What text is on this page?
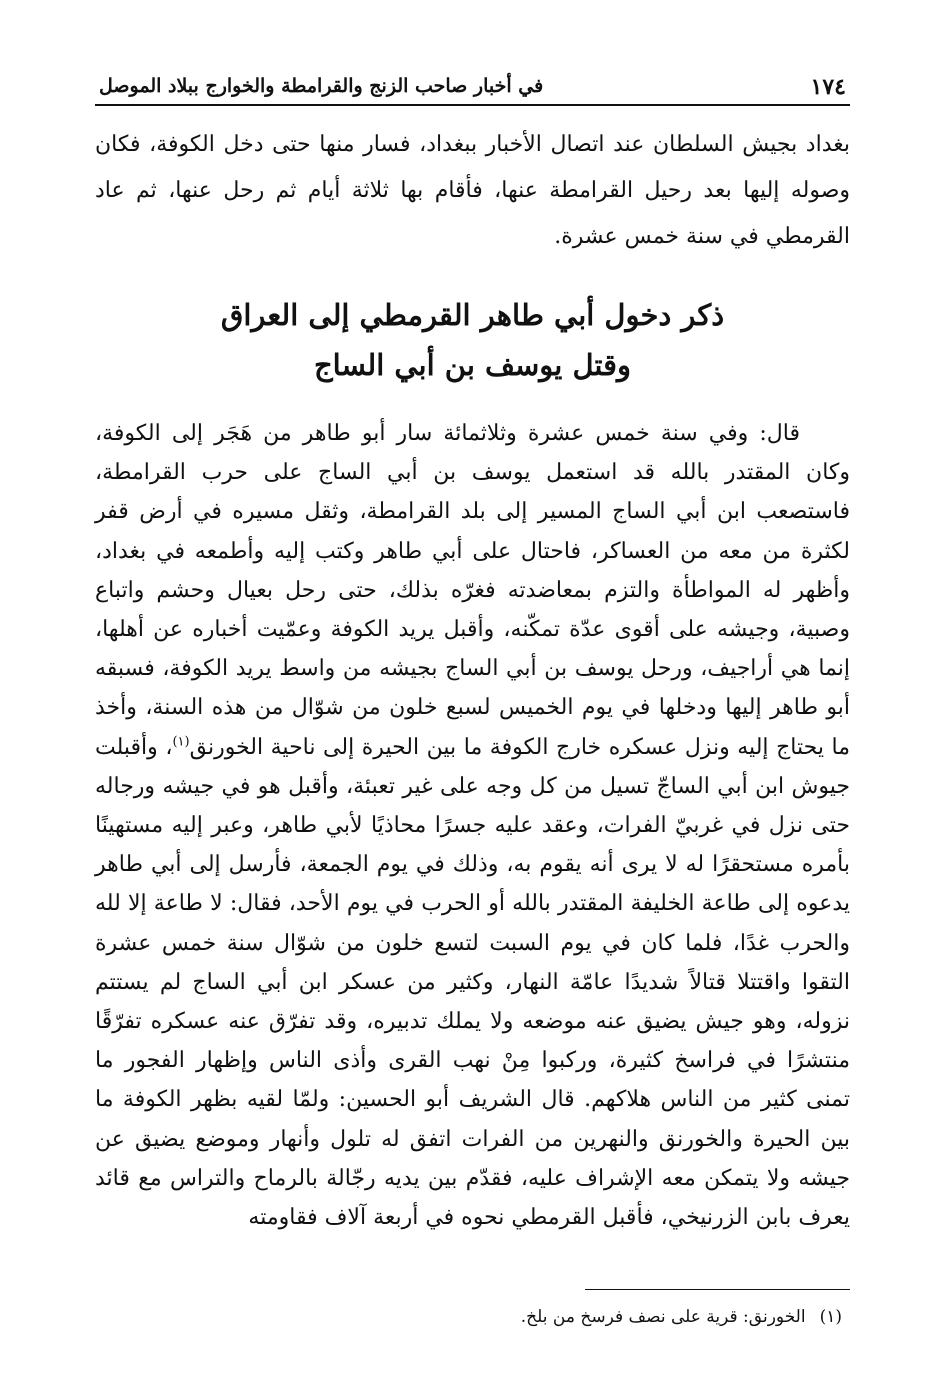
١٧٤
في أخبار صاحب الزنج والقرامطة والخوارج ببلاد الموصل

بغداد بجيش السلطان عند اتصال الأخبار ببغداد، فسار منها حتى دخل الكوفة، فكان وصوله إليها بعد رحيل القرامطة عنها، فأقام بها ثلاثة أيام ثم رحل عنها، ثم عاد القرمطي في سنة خمس عشرة.

ذكر دخول أبي طاهر القرمطي إلى العراق
وقتل يوسف بن أبي الساج

قال: وفي سنة خمس عشرة وثلاثمائة سار أبو طاهر من هَجَر إلى الكوفة، وكان المقتدر بالله قد استعمل يوسف بن أبي الساج على حرب القرامطة، فاستصعب ابن أبي الساج المسير إلى بلد القرامطة، وثقل مسيره في أرض قفر لكثرة من معه من العساكر، فاحتال على أبي طاهر وكتب إليه وأطمعه في بغداد، وأظهر له المواطأة والتزم بمعاضدته فغرّه بذلك، حتى رحل بعيال وحشم واتباع وصبية، وجيشه على أقوى عدّة تمكّنه، وأقبل يريد الكوفة وعمّيت أخباره عن أهلها، إنما هي أراجيف، ورحل يوسف بن أبي الساج بجيشه من واسط يريد الكوفة، فسبقه أبو طاهر إليها ودخلها في يوم الخميس لسبع خلون من شوّال من هذه السنة، وأخذ ما يحتاج إليه ونزل عسكره خارج الكوفة ما بين الحيرة إلى ناحية الخورنق$^{(١)}$، وأقبلت جيوش ابن أبي الساجّ تسيل من كل وجه على غير تعبئة، وأقبل هو في جيشه ورجاله حتى نزل في غربيّ الفرات، وعقد عليه جسرًا محاذيًا لأبي طاهر، وعبر إليه مستهينًا بأمره مستحقرًا له لا يرى أنه يقوم به، وذلك في يوم الجمعة، فأرسل إلى أبي طاهر يدعوه إلى طاعة الخليفة المقتدر بالله أو الحرب في يوم الأحد، فقال: لا طاعة إلا لله والحرب غدًا، فلما كان في يوم السبت لتسع خلون من شوّال سنة خمس عشرة التقوا واقتتلا قتالاً شديدًا عامّة النهار، وكثير من عسكر ابن أبي الساج لم يستتم نزوله، وهو جيش يضيق عنه موضعه ولا يملك تدبيره، وقد تفرّق عنه عسكره تفرّقًا منتشرًا في فراسخ كثيرة، وركبوا مِنْ نهب القرى وأذى الناس وإظهار الفجور ما تمنى كثير من الناس هلاكهم. قال الشريف أبو الحسين: ولمّا لقيه بظهر الكوفة ما بين الحيرة والخورنق والنهرين من الفرات اتفق له تلول وأنهار وموضع يضيق عن جيشه ولا يتمكن معه الإشراف عليه، فقدّم بين يديه رجّالة بالرماح والتراس مع قائد يعرف بابن الزرنيخي، فأقبل القرمطي نحوه في أربعة آلاف فقاومته

(١)الخورنق: قرية على نصف فرسخ من بلخ.
